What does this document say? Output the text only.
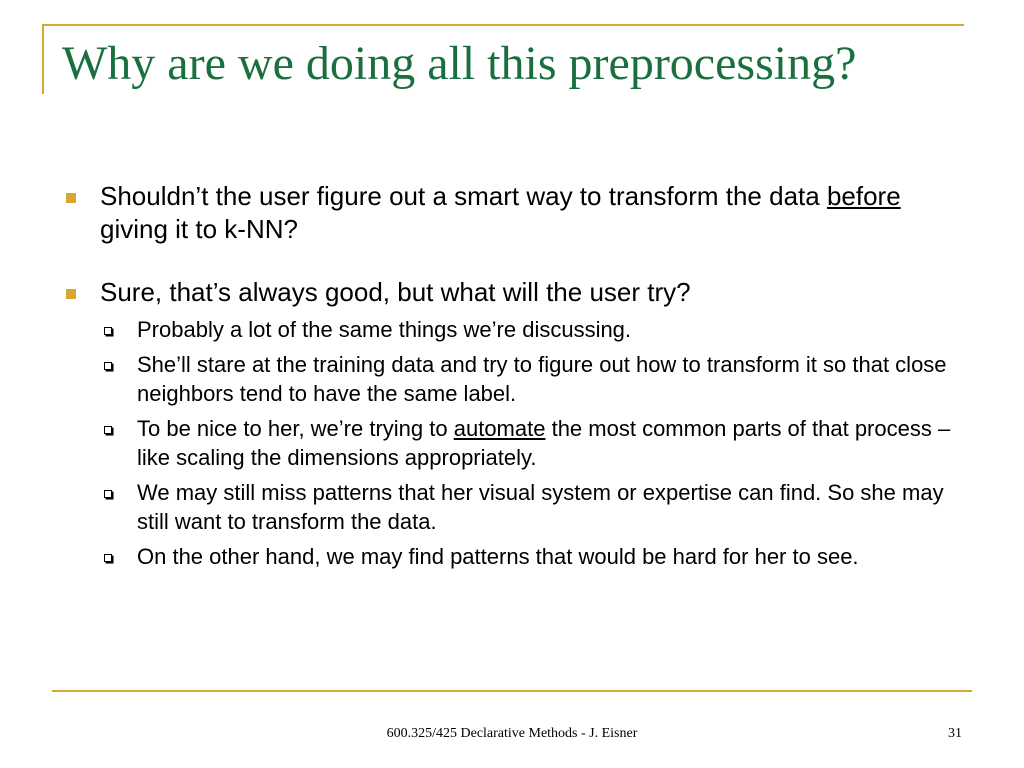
Why are we doing all this preprocessing?
Shouldn’t the user figure out a smart way to transform the data before giving it to k-NN?
Sure, that’s always good, but what will the user try?
Probably a lot of the same things we’re discussing.
She’ll stare at the training data and try to figure out how to transform it so that close neighbors tend to have the same label.
To be nice to her, we’re trying to automate the most common parts of that process – like scaling the dimensions appropriately.
We may still miss patterns that her visual system or expertise can find. So she may still want to transform the data.
On the other hand, we may find patterns that would be hard for her to see.
600.325/425 Declarative Methods - J. Eisner	31
